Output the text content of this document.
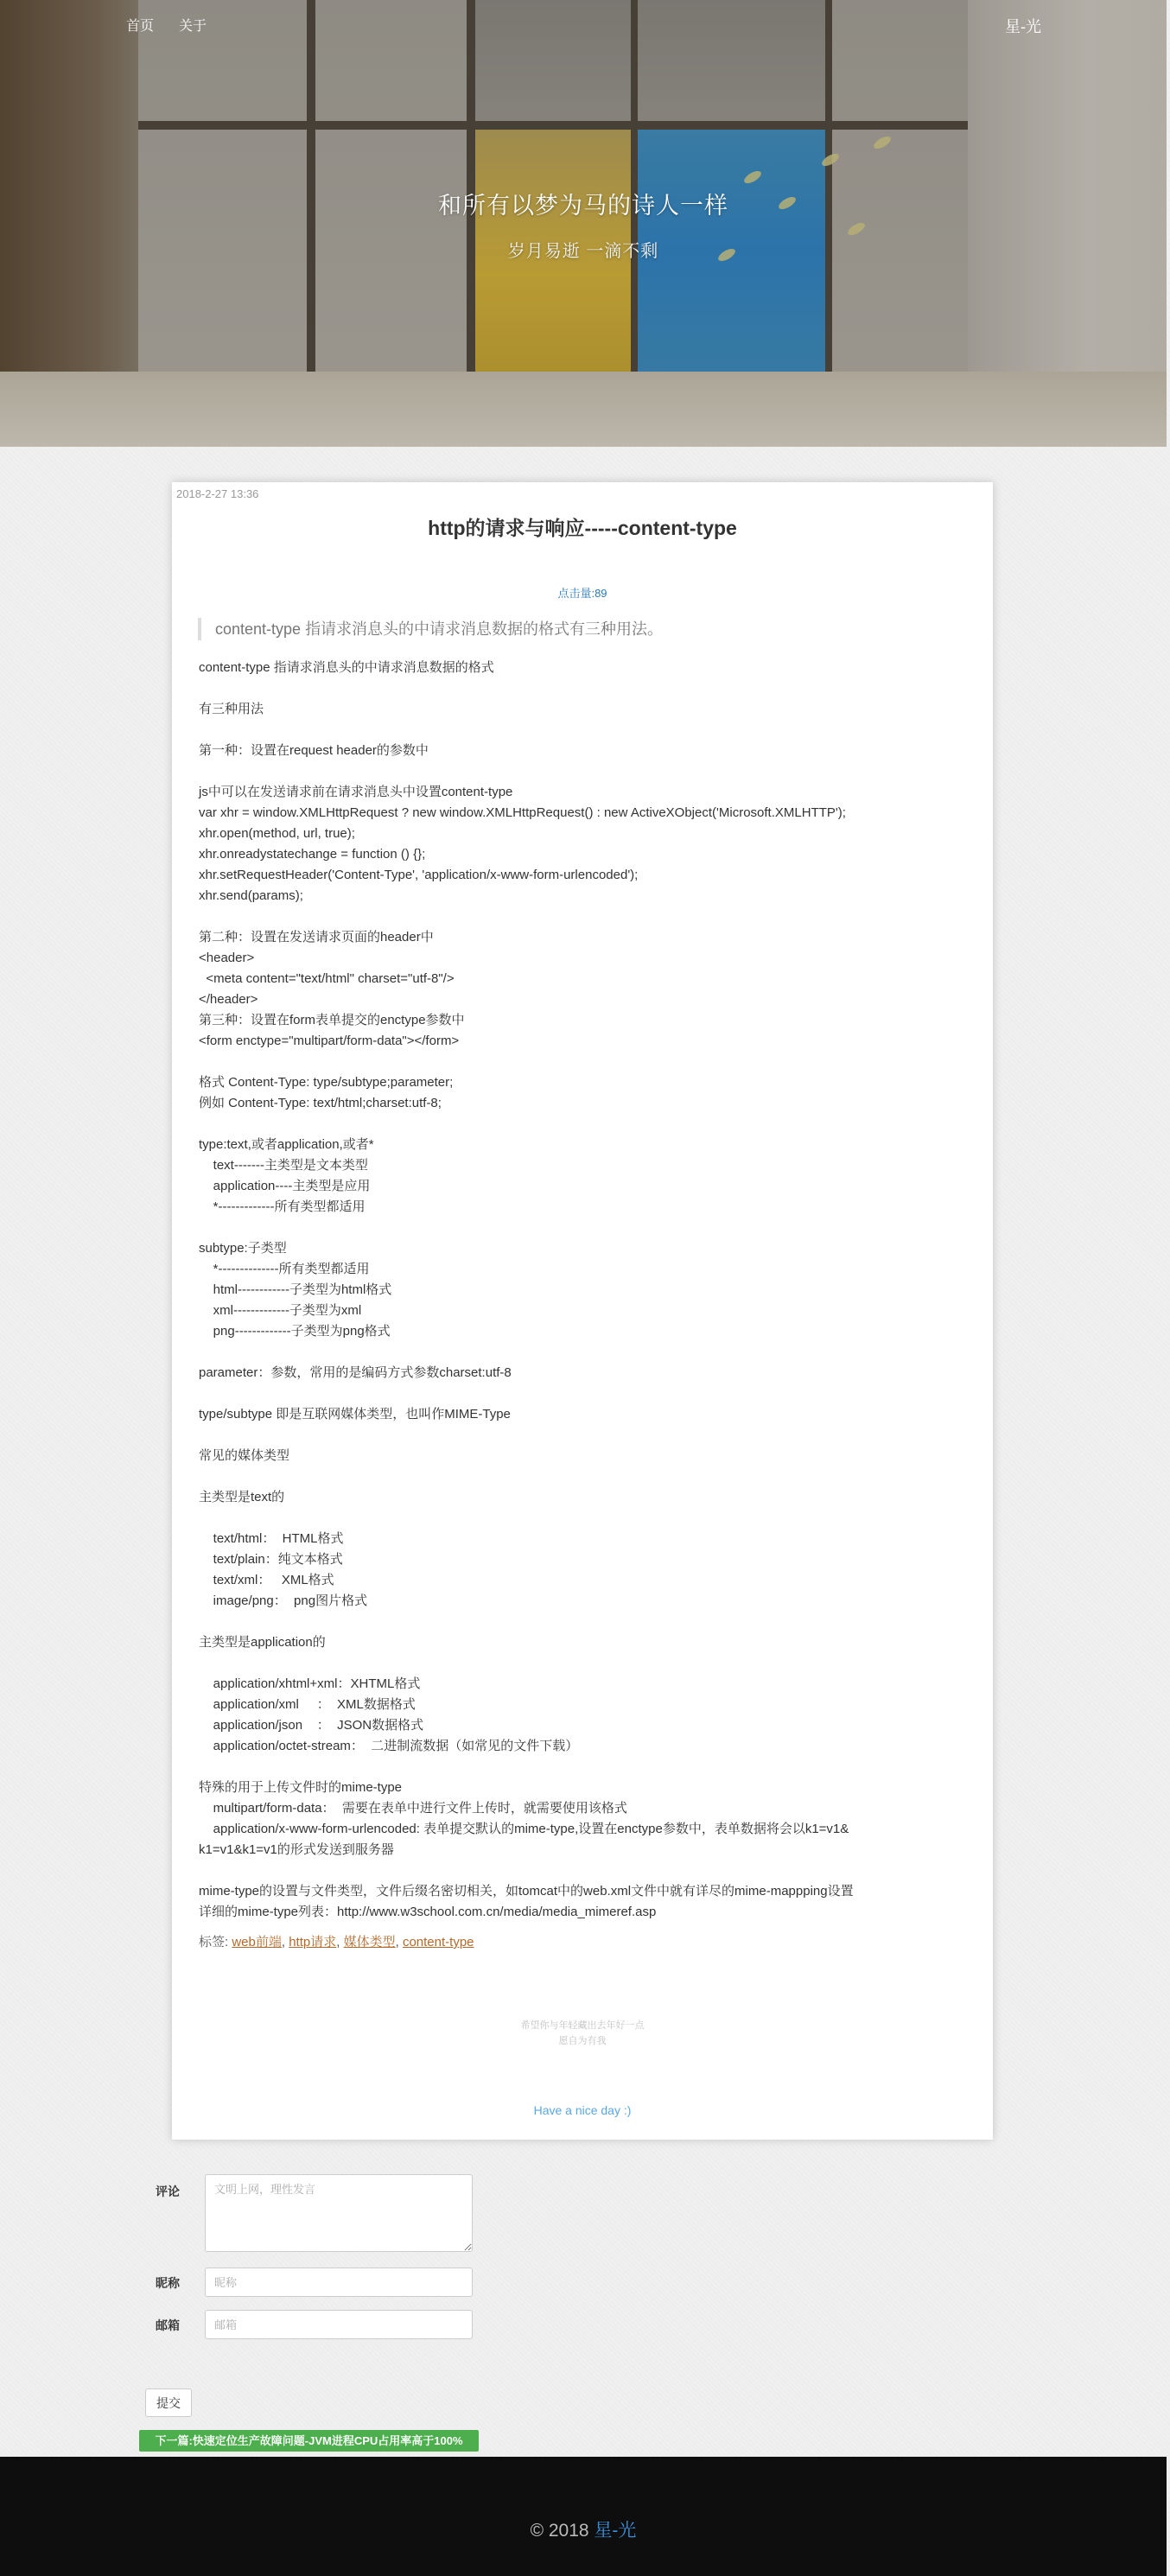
首页 关于	星-光
和所有以梦为马的诗人一样
岁月易逝 一滴不剩
2018-2-27 13:36
http的请求与响应-----content-type
点击量:89
content-type 指请求消息头的中请求消息数据的格式有三种用法。
content-type 指请求消息头的中请求消息数据的格式
有三种用法
第一种：设置在request header的参数中
js中可以在发送请求前在请求消息头中设置content-type
var xhr = window.XMLHttpRequest ? new window.XMLHttpRequest() : new ActiveXObject('Microsoft.XMLHTTP');
xhr.open(method, url, true);
xhr.onreadystatechange = function () {};
xhr.setRequestHeader('Content-Type', 'application/x-www-form-urlencoded');
xhr.send(params);
第二种：设置在发送请求页面的header中
<header>
<meta content="text/html" charset="utf-8"/>
</header>
第三种：设置在form表单提交的enctype参数中
<form enctype="multipart/form-data"></form>
格式 Content-Type: type/subtype;parameter;
例如 Content-Type: text/html;charset:utf-8;
type:text,或者application,或者*
text-------主类型是文本类型
application----主类型是应用
*-------------所有类型都适用
subtype:子类型
*--------------所有类型都适用
html------------子类型为html格式
xml-------------子类型为xml
png-------------子类型为png格式
parameter：参数，常用的是编码方式参数charset:utf-8
type/subtype 即是互联网媒体类型，也叫作MIME-Type
常见的媒体类型
主类型是text的
text/html：  HTML格式
text/plain：纯文本格式
text/xml：   XML格式
image/png：  png图片格式
主类型是application的
application/xhtml+xml：XHTML格式
application/xml     ：  XML数据格式
application/json    ：  JSON数据格式
application/octet-stream：  二进制流数据（如常见的文件下载）
特殊的用于上传文件时的mime-type
multipart/form-data：  需要在表单中进行文件上传时，就需要使用该格式
application/x-www-form-urlencoded: 表单提交默认的mime-type,设置在enctype参数中，表单数据将会以k1=v1&
k1=v1&k1=v1的形式发送到服务器
mime-type的设置与文件类型，文件后缀名密切相关，如tomcat中的web.xml文件中就有详尽的mime-mappping设置
详细的mime-type列表：http://www.w3school.com.cn/media/media_mimeref.asp
标签: web前端, http请求, 媒体类型, content-type
希望你与年轻藏出去年好一点
愿自为有我
Have a nice day :)
评论
文明上网，理性发言
昵称
昵称
邮箱
邮箱
提交
下一篇:快速定位生产故障问题-JVM进程CPU占用率高于100%
© 2018 星-光
